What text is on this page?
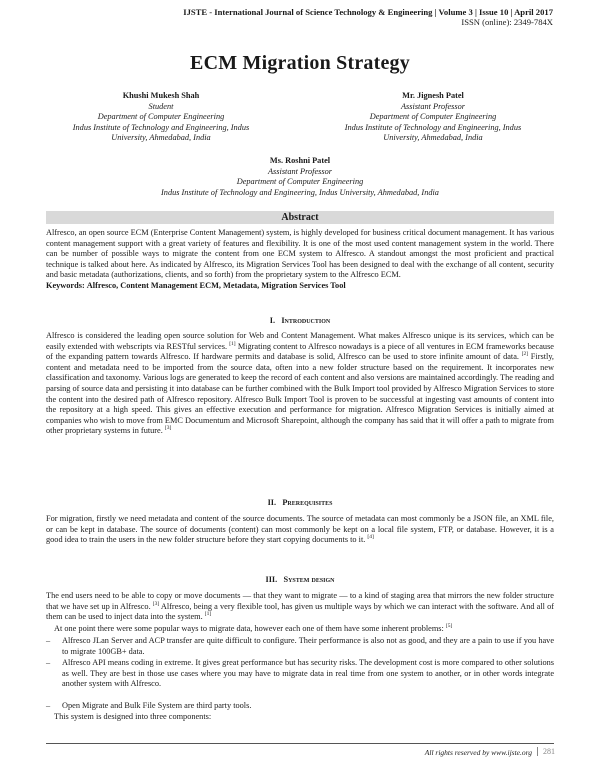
IJSTE - International Journal of Science Technology & Engineering | Volume 3 | Issue 10 | April 2017
ISSN (online): 2349-784X
ECM Migration Strategy
Khushi Mukesh Shah
Student
Department of Computer Engineering
Indus Institute of Technology and Engineering, Indus
University, Ahmedabad, India
Mr. Jignesh Patel
Assistant Professor
Department of Computer Engineering
Indus Institute of Technology and Engineering, Indus
University, Ahmedabad, India
Ms. Roshni Patel
Assistant Professor
Department of Computer Engineering
Indus Institute of Technology and Engineering, Indus University, Ahmedabad, India
Abstract

Alfresco, an open source ECM (Enterprise Content Management) system, is highly developed for business critical document management. It has various content management support with a great variety of features and flexibility. It is one of the most used content management system in the world. There can be number of possible ways to migrate the content from one ECM system to Alfresco. A standout amongst the most proficient and practical technique is talked about here. As indicated by Alfresco, its Migration Services Tool has been designed to deal with the exchange of all content, security and basic metadata (authorizations, clients, and so forth) from the proprietary system to the Alfresco ECM.
Keywords: Alfresco, Content Management ECM, Metadata, Migration Services Tool

I. Introduction

Alfresco is considered the leading open source solution for Web and Content Management. What makes Alfresco unique is its services, which can be easily extended with webscripts via RESTful services. [1] Migrating content to Alfresco nowadays is a piece of all ventures in ECM frameworks because of the expanding pattern towards Alfresco. If hardware permits and database is solid, Alfresco can be used to store infinite amount of data. [2] Firstly, content and metadata need to be imported from the source data, often into a new folder structure based on the requirement. It incorporates new classification and taxonomy. Various logs are generated to keep the record of each content and also versions are maintained accordingly. The reading and parsing of source data and persisting it into database can be further combined with the Bulk Import tool provided by Alfresco Migration Services to store the content into the desired path of Alfresco repository. Alfresco Bulk Import Tool is proven to be successful at ingesting vast amounts of content into the repository at a high speed. This gives an effective execution and performance for migration. Alfresco Migration Services is initially aimed at companies who wish to move from EMC Documentum and Microsoft Sharepoint, although the company has said that it will offer a path to migrate from other proprietary systems in future. [3]

II. Prerequisites

For migration, firstly we need metadata and content of the source documents. The source of metadata can most commonly be a JSON file, an XML file, or can be kept in database. The source of documents (content) can most commonly be kept on a local file system, FTP, or database. However, it is a good idea to train the users in the new folder structure before they start copying documents to it. [4]

III. System design

The end users need to be able to copy or move documents — that they want to migrate — to a kind of staging area that mirrors the new folder structure that we have set up in Alfresco. [3] Alfresco, being a very flexible tool, has given us multiple ways by which we can interact with the software. And all of them can be used to inject data into the system. [1]

At one point there were some popular ways to migrate data, however each one of them have some inherent problems: [5]

– Alfresco JLan Server and ACP transfer are quite difficult to configure. Their performance is also not as good, and they are a pain to use if you have to migrate 100GB+ data.
– Alfresco API means coding in extreme. It gives great performance but has security risks. The development cost is more compared to other solutions as well. They are best in those use cases where you may have to migrate data in real time from one system to another, or in other words integrate another system with Alfresco.
– Open Migrate and Bulk File System are third party tools.

This system is designed into three components:

All rights reserved by www.ijste.org	281
